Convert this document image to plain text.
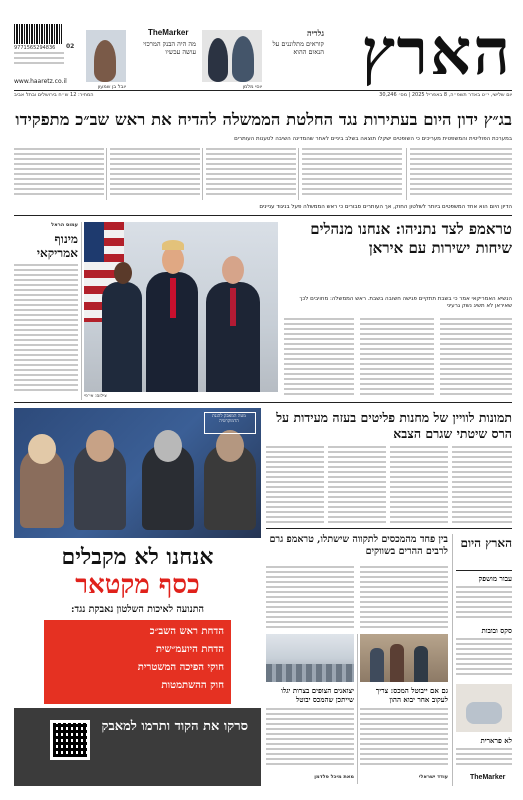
9771565294836 02
www.haaretz.co.il
יובל בן שמעון
TheMarker
מה היה הבנק המרכזי עושה עכשיו
יוסי מלמן
גלריה
קוראים מתלוננים על הנאום ההוא הארץ
יום שלישי, י״ט באדר תשפ״ה, 8 באפריל 2025 | מס׳ 30,246
המחיר: 12 ש״ח בירושלים ובתל אביב
בג״ץ ידון היום בעתירות נגד החלטת הממשלה להדיח את ראש שב״כ מתפקידו
במערכת הפוליטית והמשפטית מעריכים כי השופטים ישקלו תוצאה בשלב ביניים לאחר שהמדינה השיבה לטענות העותרים
הדיון היום הוא אחד המשפטים ביותר לשלטון החוק, אך העותרים סבורים כי ראש הממשלה פעל בניגוד עניינים
עמוס הראל
מינוף אמריקאי
צילום: אי־פי
טראמפ לצד נתניהו: אנחנו מנהלים שיחות ישירות עם איראן
הנשיא האמריקאי אמר כי בשבת תתקיים פגישה חשובה בשבת. ראש הממשלה: מחויבים לכך שאיראן לא תשיג נשק גרעיני
מטה המאבק להגנת הדמוקרטיה
אנחנו לא מקבלים
כסף מקטאר
התנועה לאיכות השלטון נאבקת נגד:
הדחת ראש השב״כ
הדחת היועמ״שית
חוקי הפיכה המשטרית
חוק ההשתמטות
סרקו את הקוד ותרמו למאבק
תמונות לוויין של מחנות פליטים בעזה מעידות על הרס שיטתי שגרם הצבא
הארץ היום
עבור מושפק
סקס ובובות
לא פרארית
TheMarker
בין פחד מהמכסים לתקווה שישתלו, טראמפ גרם לרבים ההרים בשווקים
יצואנים הצופים בצרות יגלו שייתכן שהמכס יבוטל
גם אם ייבוטל המכס: צריך לעקוב אחר יבוא ההון
מאת מיכל פלדמן	עודד ישראלי
